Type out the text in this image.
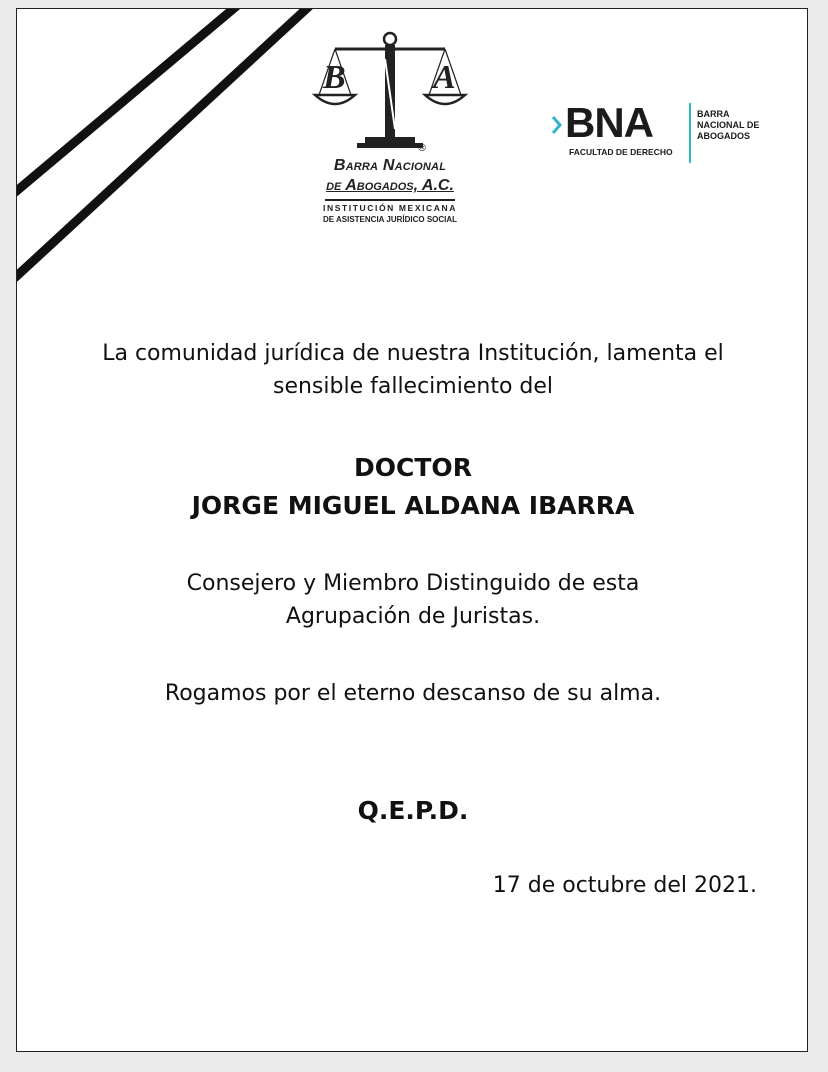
B	A
®
Barra Nacional
de Abogados, A.C.
INSTITUCIÓN MEXICANA
DE ASISTENCIA JURÍDICO SOCIAL
BNA
FACULTAD DE DERECHO
BARRA
NACIONAL DE
ABOGADOS

La comunidad jurídica de nuestra Institución, lamenta el

sensible fallecimiento del

DOCTOR
JORGE MIGUEL ALDANA IBARRA

Consejero y Miembro Distinguido de esta

Agrupación de Juristas.

Rogamos por el eterno descanso de su alma.
Q.E.P.D.
17 de octubre del 2021.
